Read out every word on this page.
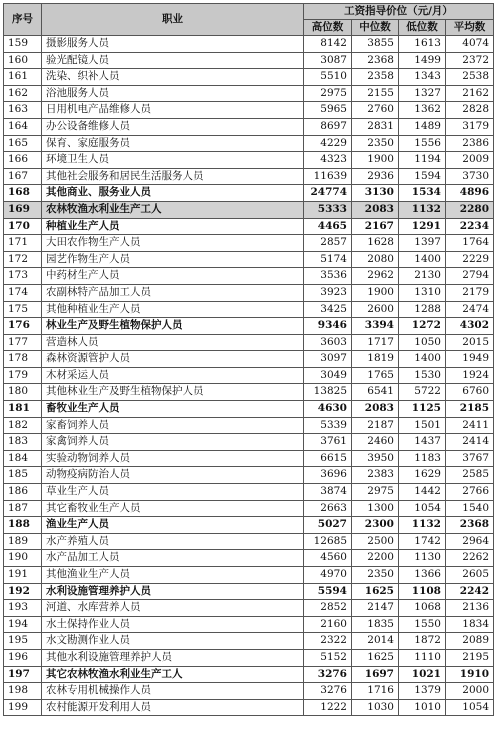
序号	职业	工资指导价位（元/月）			
		高位数	中位数	低位数	平均数
159	摄影服务人员	8142	3855	1613	4074
160	验光配镜人员	3087	2368	1499	2372
161	洗染、织补人员	5510	2358	1343	2538
162	浴池服务人员	2975	2155	1327	2162
163	日用机电产品维修人员	5965	2760	1362	2828
164	办公设备维修人员	8697	2831	1489	3179
165	保育、家庭服务员	4229	2350	1556	2386
166	环境卫生人员	4323	1900	1194	2009
167	其他社会服务和居民生活服务人员	11639	2936	1594	3730
168	其他商业、服务业人员	24774	3130	1534	4896
169	农林牧渔水利业生产工人	5333	2083	1132	2280
170	种植业生产人员	4465	2167	1291	2234
171	大田农作物生产人员	2857	1628	1397	1764
172	园艺作物生产人员	5174	2080	1400	2229
173	中药材生产人员	3536	2962	2130	2794
174	农副林特产品加工人员	3923	1900	1310	2179
175	其他种植业生产人员	3425	2600	1288	2474
176	林业生产及野生植物保护人员	9346	3394	1272	4302
177	营造林人员	3603	1717	1050	2015
178	森林资源管护人员	3097	1819	1400	1949
179	木材采运人员	3049	1765	1530	1924
180	其他林业生产及野生植物保护人员	13825	6541	5722	6760
181	畜牧业生产人员	4630	2083	1125	2185
182	家畜饲养人员	5339	2187	1501	2411
183	家禽饲养人员	3761	2460	1437	2414
184	实验动物饲养人员	6615	3950	1183	3767
185	动物疫病防治人员	3696	2383	1629	2585
186	草业生产人员	3874	2975	1442	2766
187	其它畜牧业生产人员	2663	1300	1054	1540
188	渔业生产人员	5027	2300	1132	2368
189	水产养殖人员	12685	2500	1742	2964
190	水产品加工人员	4560	2200	1130	2262
191	其他渔业生产人员	4970	2350	1366	2605
192	水利设施管理养护人员	5594	1625	1108	2242
193	河道、水库营养人员	2852	2147	1068	2136
194	水土保持作业人员	2160	1835	1550	1834
195	水文勘测作业人员	2322	2014	1872	2089
196	其他水利设施管理养护人员	5152	1625	1110	2195
197	其它农林牧渔水利业生产工人	3276	1697	1021	1910
198	农林专用机械操作人员	3276	1716	1379	2000
199	农村能源开发利用人员	1222	1030	1010	1054
